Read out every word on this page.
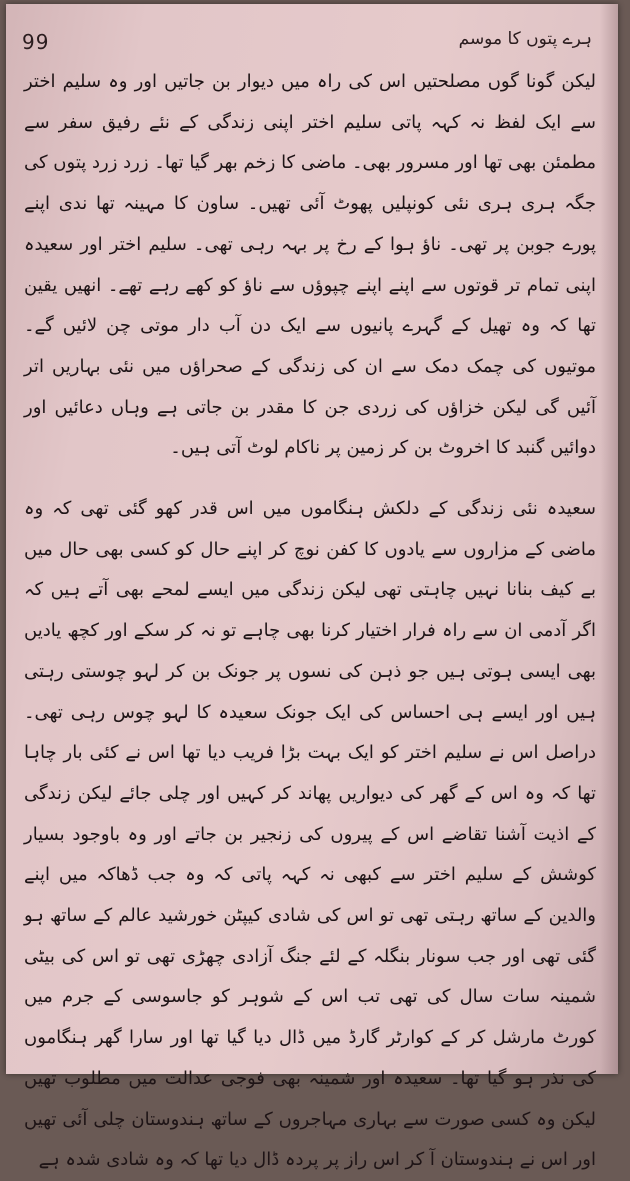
99	ہرے پتوں کا موسم

لیکن گونا گوں مصلحتیں اس کی راہ میں دیوار بن جاتیں اور وہ سلیم اختر سے ایک لفظ نہ کہہ پاتی سلیم اختر اپنی زندگی کے نئے رفیق سفر سے مطمئن بھی تھا اور مسرور بھی۔ ماضی کا زخم بھر گیا تھا۔ زرد زرد پتوں کی جگہ ہری ہری نئی کونپلیں پھوٹ آئی تھیں۔ ساون کا مہینہ تھا ندی اپنے پورے جوبن پر تھی۔ ناؤ ہوا کے رخ پر بہہ رہی تھی۔ سلیم اختر اور سعیدہ اپنی تمام تر قوتوں سے اپنے اپنے چپوؤں سے ناؤ کو کھے رہے تھے۔ انھیں یقین تھا کہ وہ تھیل کے گہرے پانیوں سے ایک دن آب دار موتی چن لائیں گے۔ موتیوں کی چمک دمک سے ان کی زندگی کے صحراؤں میں نئی بہاریں اتر آئیں گی لیکن خزاؤں کی زردی جن کا مقدر بن جاتی ہے وہاں دعائیں اور دوائیں گنبد کا اخروٹ بن کر زمین پر ناکام لوٹ آتی ہیں۔

سعیدہ نئی زندگی کے دلکش ہنگاموں میں اس قدر کھو گئی تھی کہ وہ ماضی کے مزاروں سے یادوں کا کفن نوچ کر اپنے حال کو کسی بھی حال میں بے کیف بنانا نہیں چاہتی تھی لیکن زندگی میں ایسے لمحے بھی آتے ہیں کہ اگر آدمی ان سے راہ فرار اختیار کرنا بھی چاہے تو نہ کر سکے اور کچھ یادیں بھی ایسی ہوتی ہیں جو ذہن کی نسوں پر جونک بن کر لہو چوستی رہتی ہیں اور ایسے ہی احساس کی ایک جونک سعیدہ کا لہو چوس رہی تھی۔ دراصل اس نے سلیم اختر کو ایک بہت بڑا فریب دیا تھا اس نے کئی بار چاہا تھا کہ وہ اس کے گھر کی دیواریں پھاند کر کہیں اور چلی جائے لیکن زندگی کے اذیت آشنا تقاضے اس کے پیروں کی زنجیر بن جاتے اور وہ باوجود بسیار کوشش کے سلیم اختر سے کبھی نہ کہہ پاتی کہ وہ جب ڈھاکہ میں اپنے والدین کے ساتھ رہتی تھی تو اس کی شادی کیپٹن خورشید عالم کے ساتھ ہو گئی تھی اور جب سونار بنگلہ کے لئے جنگ آزادی چھڑی تھی تو اس کی بیٹی شمینہ سات سال کی تھی تب اس کے شوہر کو جاسوسی کے جرم میں کورٹ مارشل کر کے کوارٹر گارڈ میں ڈال دیا گیا تھا اور سارا گھر ہنگاموں کی نذر ہو گیا تھا۔ سعیدہ اور شمینہ بھی فوجی عدالت میں مطلوب تھیں لیکن وہ کسی صورت سے بہاری مہاجروں کے ساتھ ہندوستان چلی آئی تھیں اور اس نے ہندوستان آ کر اس راز پر پردہ ڈال دیا تھا کہ وہ شادی شدہ ہے
